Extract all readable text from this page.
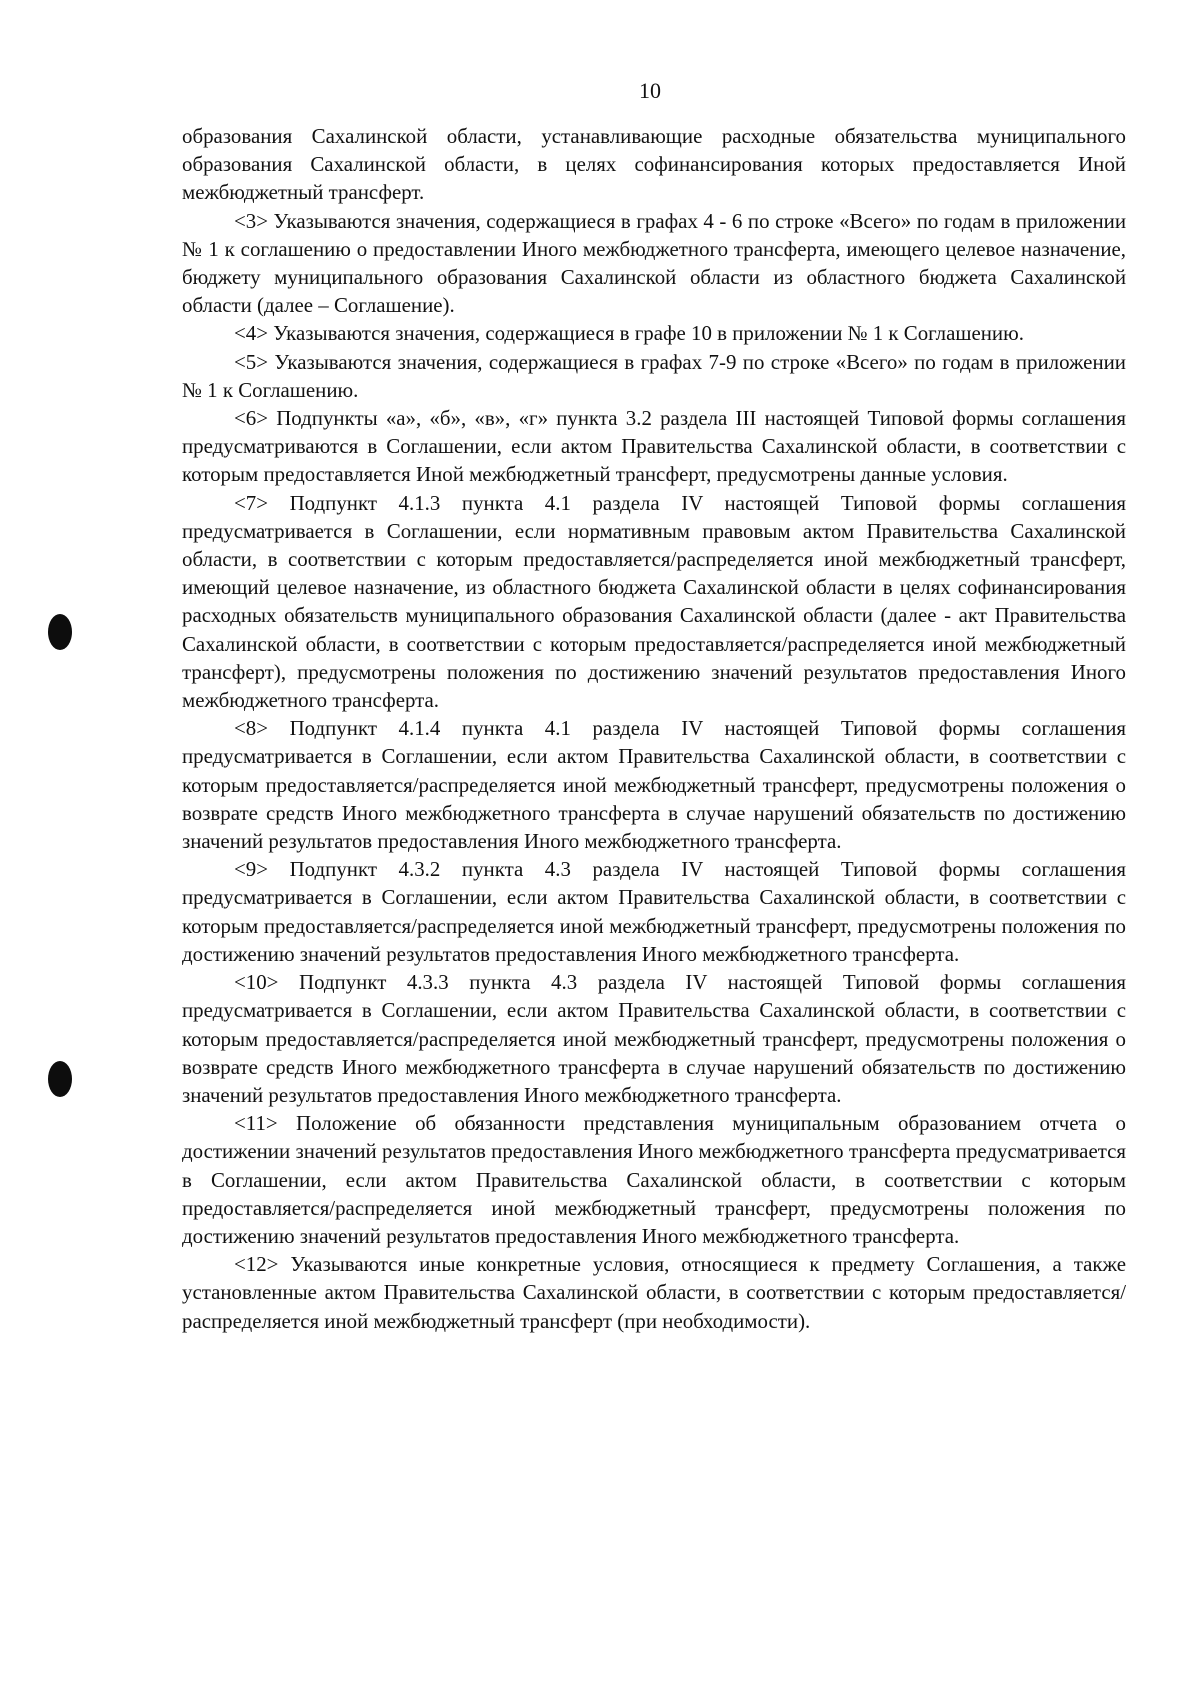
10

образования Сахалинской области, устанавливающие расходные обязательства муниципального образования Сахалинской области, в целях софинансирования которых предоставляется Иной межбюджетный трансферт.

<3> Указываются значения, содержащиеся в графах 4 - 6 по строке «Всего» по годам в приложении № 1 к соглашению о предоставлении Иного межбюджетного трансферта, имеющего целевое назначение, бюджету муниципального образования Сахалинской области из областного бюджета Сахалинской области (далее – Соглашение).

<4> Указываются значения, содержащиеся в графе 10 в приложении № 1 к Соглашению.

<5> Указываются значения, содержащиеся в графах 7-9 по строке «Всего» по годам в приложении № 1 к Соглашению.

<6> Подпункты «а», «б», «в», «г» пункта 3.2 раздела III настоящей Типовой формы соглашения предусматриваются в Соглашении, если актом Правительства Сахалинской области, в соответствии с которым предоставляется Иной межбюджетный трансферт, предусмотрены данные условия.

<7> Подпункт 4.1.3 пункта 4.1 раздела IV настоящей Типовой формы соглашения предусматривается в Соглашении, если нормативным правовым актом Правительства Сахалинской области, в соответствии с которым предоставляется/распределяется иной межбюджетный трансферт, имеющий целевое назначение, из областного бюджета Сахалинской области в целях софинансирования расходных обязательств муниципального образования Сахалинской области (далее - акт Правительства Сахалинской области, в соответствии с которым предоставляется/распределяется иной межбюджетный трансферт), предусмотрены положения по достижению значений результатов предоставления Иного межбюджетного трансферта.

<8> Подпункт 4.1.4 пункта 4.1 раздела IV настоящей Типовой формы соглашения предусматривается в Соглашении, если актом Правительства Сахалинской области, в соответствии с которым предоставляется/распределяется иной межбюджетный трансферт, предусмотрены положения о возврате средств Иного межбюджетного трансферта в случае нарушений обязательств по достижению значений результатов предоставления Иного межбюджетного трансферта.

<9> Подпункт 4.3.2 пункта 4.3 раздела IV настоящей Типовой формы соглашения предусматривается в Соглашении, если актом Правительства Сахалинской области, в соответствии с которым предоставляется/распределяется иной межбюджетный трансферт, предусмотрены положения по достижению значений результатов предоставления Иного межбюджетного трансферта.

<10> Подпункт 4.3.3 пункта 4.3 раздела IV настоящей Типовой формы соглашения предусматривается в Соглашении, если актом Правительства Сахалинской области, в соответствии с которым предоставляется/распределяется иной межбюджетный трансферт, предусмотрены положения о возврате средств Иного межбюджетного трансферта в случае нарушений обязательств по достижению значений результатов предоставления Иного межбюджетного трансферта.

<11> Положение об обязанности представления муниципальным образованием отчета о достижении значений результатов предоставления Иного межбюджетного трансферта предусматривается в Соглашении, если актом Правительства Сахалинской области, в соответствии с которым предоставляется/распределяется иной межбюджетный трансферт, предусмотрены положения по достижению значений результатов предоставления Иного межбюджетного трансферта.

<12> Указываются иные конкретные условия, относящиеся к предмету Соглашения, а также установленные актом Правительства Сахалинской области, в соответствии с которым предоставляется/распределяется иной межбюджетный трансферт (при необходимости).
